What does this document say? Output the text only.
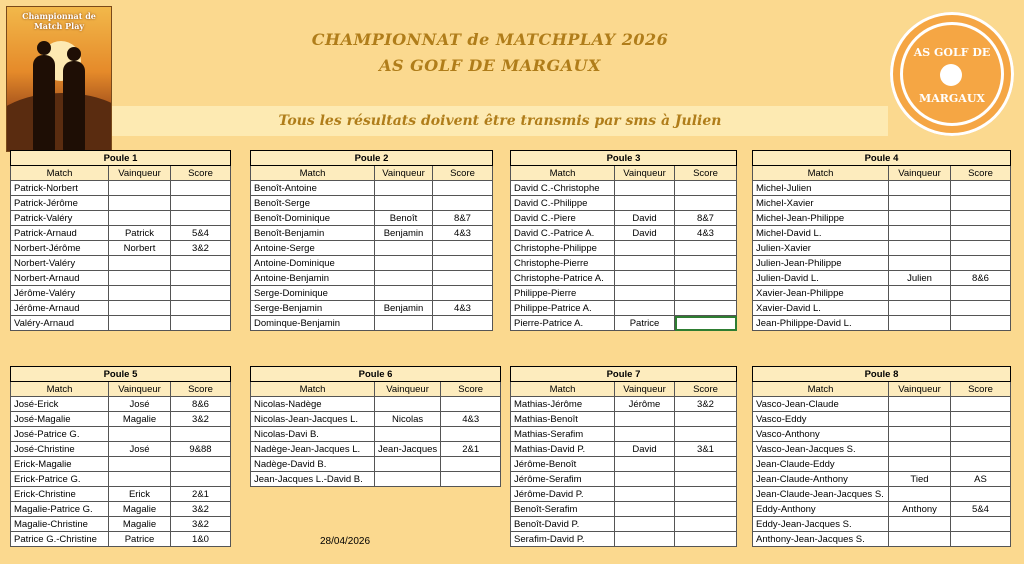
Championnat de Match Play
CHAMPIONNAT de MATCHPLAY 2026
AS GOLF DE MARGAUX
Tous les résultats doivent être transmis par sms à Julien
AS GOLF DE
MARGAUX
Poule 1		
Match	Vainqueur	Score
Patrick-Norbert		
Patrick-Jérôme		
Patrick-Valéry		
Patrick-Arnaud	Patrick	5&4
Norbert-Jérôme	Norbert	3&2
Norbert-Valéry		
Norbert-Arnaud		
Jérôme-Valéry		
Jérôme-Arnaud		
Valéry-Arnaud		
Poule 2		
Match	Vainqueur	Score
Benoît-Antoine		
Benoît-Serge		
Benoît-Dominique	Benoît	8&7
Benoît-Benjamin	Benjamin	4&3
Antoine-Serge		
Antoine-Dominique		
Antoine-Benjamin		
Serge-Dominique		
Serge-Benjamin	Benjamin	4&3
Dominque-Benjamin		
Poule 3		
Match	Vainqueur	Score
David C.-Christophe		
David C.-Philippe		
David C.-Piere	David	8&7
David C.-Patrice A.	David	4&3
Christophe-Philippe		
Christophe-Pierre		
Christophe-Patrice A.		
Philippe-Pierre		
Philippe-Patrice A.		
Pierre-Patrice A.	Patrice	
Poule 4		
Match	Vainqueur	Score
Michel-Julien		
Michel-Xavier		
Michel-Jean-Philippe		
Michel-David L.		
Julien-Xavier		
Julien-Jean-Philippe		
Julien-David L.	Julien	8&6
Xavier-Jean-Philippe		
Xavier-David L.		
Jean-Philippe-David L.		
Poule 5		
Match	Vainqueur	Score
José-Erick	José	8&6
José-Magalie	Magalie	3&2
José-Patrice G.		
José-Christine	José	9&88
Erick-Magalie		
Erick-Patrice G.		
Erick-Christine	Erick	2&1
Magalie-Patrice G.	Magalie	3&2
Magalie-Christine	Magalie	3&2
Patrice G.-Christine	Patrice	1&0
Poule 6		
Match	Vainqueur	Score
Nicolas-Nadège		
Nicolas-Jean-Jacques L.	Nicolas	4&3
Nicolas-Davi B.		
Nadège-Jean-Jacques L.	Jean-Jacques	2&1
Nadège-David B.		
Jean-Jacques L.-David B.		
Poule 7		
Match	Vainqueur	Score
Mathias-Jérôme	Jérôme	3&2
Mathias-Benoît		
Mathias-Serafim		
Mathias-David P.	David	3&1
Jérôme-Benoît		
Jérôme-Serafim		
Jérôme-David P.		
Benoît-Serafim		
Benoît-David P.		
Serafim-David P.		
Poule 8		
Match	Vainqueur	Score
Vasco-Jean-Claude		
Vasco-Eddy		
Vasco-Anthony		
Vasco-Jean-Jacques S.		
Jean-Claude-Eddy		
Jean-Claude-Anthony	Tied	AS
Jean-Claude-Jean-Jacques S.		
Eddy-Anthony	Anthony	5&4
Eddy-Jean-Jacques S.		
Anthony-Jean-Jacques S.		
28/04/2026
